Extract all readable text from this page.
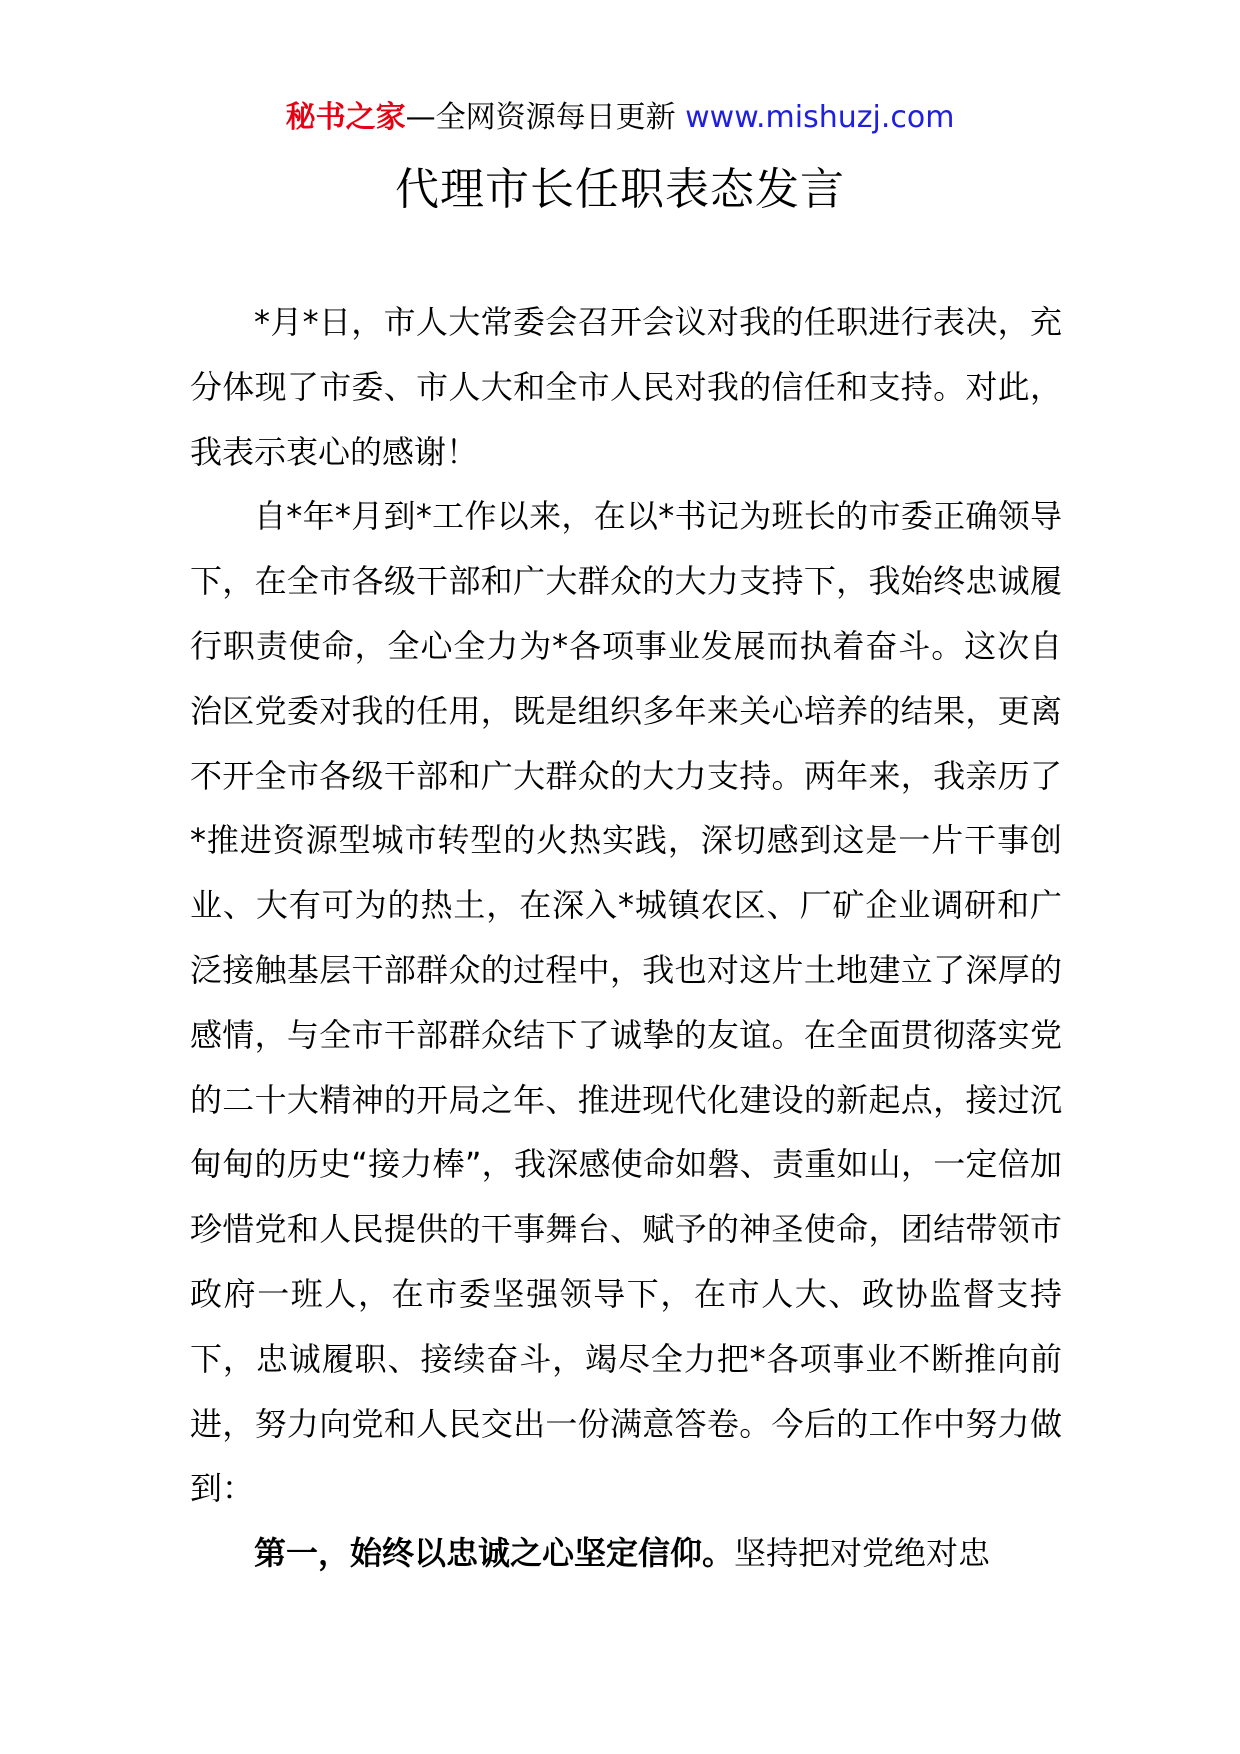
秘书之家—全网资源每日更新 www.mishuzj.com
代理市长任职表态发言

*月*日，市人大常委会召开会议对我的任职进行表决，充分体现了市委、市人大和全市人民对我的信任和支持。对此，我表示衷心的感谢！

自*年*月到*工作以来，在以*书记为班长的市委正确领导下，在全市各级干部和广大群众的大力支持下，我始终忠诚履行职责使命，全心全力为*各项事业发展而执着奋斗。这次自治区党委对我的任用，既是组织多年来关心培养的结果，更离不开全市各级干部和广大群众的大力支持。两年来，我亲历了*推进资源型城市转型的火热实践，深切感到这是一片干事创业、大有可为的热土，在深入*城镇农区、厂矿企业调研和广泛接触基层干部群众的过程中，我也对这片土地建立了深厚的感情，与全市干部群众结下了诚挚的友谊。在全面贯彻落实党的二十大精神的开局之年、推进现代化建设的新起点，接过沉甸甸的历史“接力棒”，我深感使命如磐、责重如山，一定倍加珍惜党和人民提供的干事舞台、赋予的神圣使命，团结带领市政府一班人，在市委坚强领导下，在市人大、政协监督支持下，忠诚履职、接续奋斗，竭尽全力把*各项事业不断推向前进，努力向党和人民交出一份满意答卷。今后的工作中努力做到：

第一，始终以忠诚之心坚定信仰。坚持把对党绝对忠
